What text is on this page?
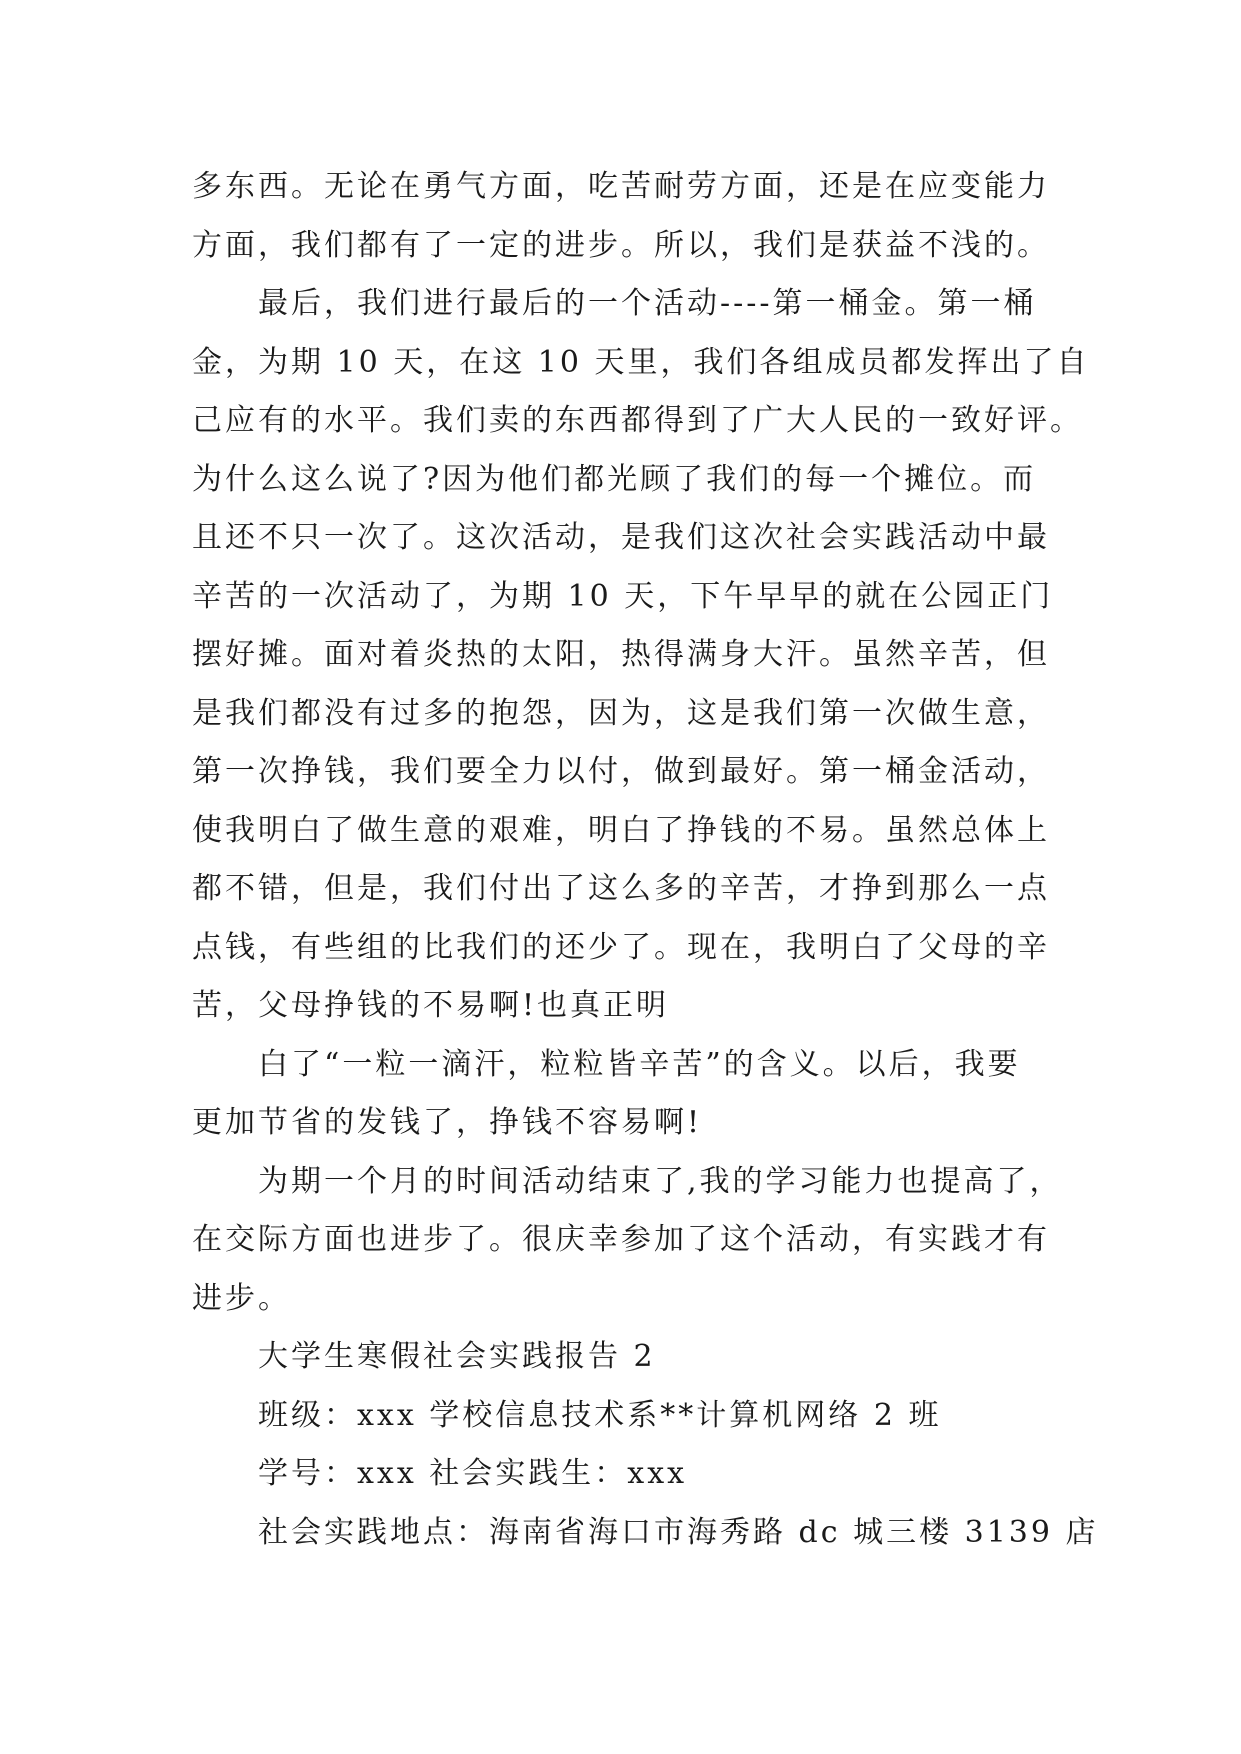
多东西。无论在勇气方面，吃苦耐劳方面，还是在应变能力
方面，我们都有了一定的进步。所以，我们是获益不浅的。
最后，我们进行最后的一个活动----第一桶金。第一桶
金，为期 10 天，在这 10 天里，我们各组成员都发挥出了自
己应有的水平。我们卖的东西都得到了广大人民的一致好评。
为什么这么说了?因为他们都光顾了我们的每一个摊位。而
且还不只一次了。这次活动，是我们这次社会实践活动中最
辛苦的一次活动了，为期 10 天，下午早早的就在公园正门
摆好摊。面对着炎热的太阳，热得满身大汗。虽然辛苦，但
是我们都没有过多的抱怨，因为，这是我们第一次做生意，
第一次挣钱，我们要全力以付，做到最好。第一桶金活动，
使我明白了做生意的艰难，明白了挣钱的不易。虽然总体上
都不错，但是，我们付出了这么多的辛苦，才挣到那么一点
点钱，有些组的比我们的还少了。现在，我明白了父母的辛
苦，父母挣钱的不易啊!也真正明
白了“一粒一滴汗，粒粒皆辛苦”的含义。以后，我要
更加节省的发钱了，挣钱不容易啊!
为期一个月的时间活动结束了,我的学习能力也提高了，
在交际方面也进步了。很庆幸参加了这个活动，有实践才有
进步。
大学生寒假社会实践报告 2
班级：xxx 学校信息技术系**计算机网络 2 班
学号：xxx 社会实践生：xxx
社会实践地点：海南省海口市海秀路 dc 城三楼 3139 店
